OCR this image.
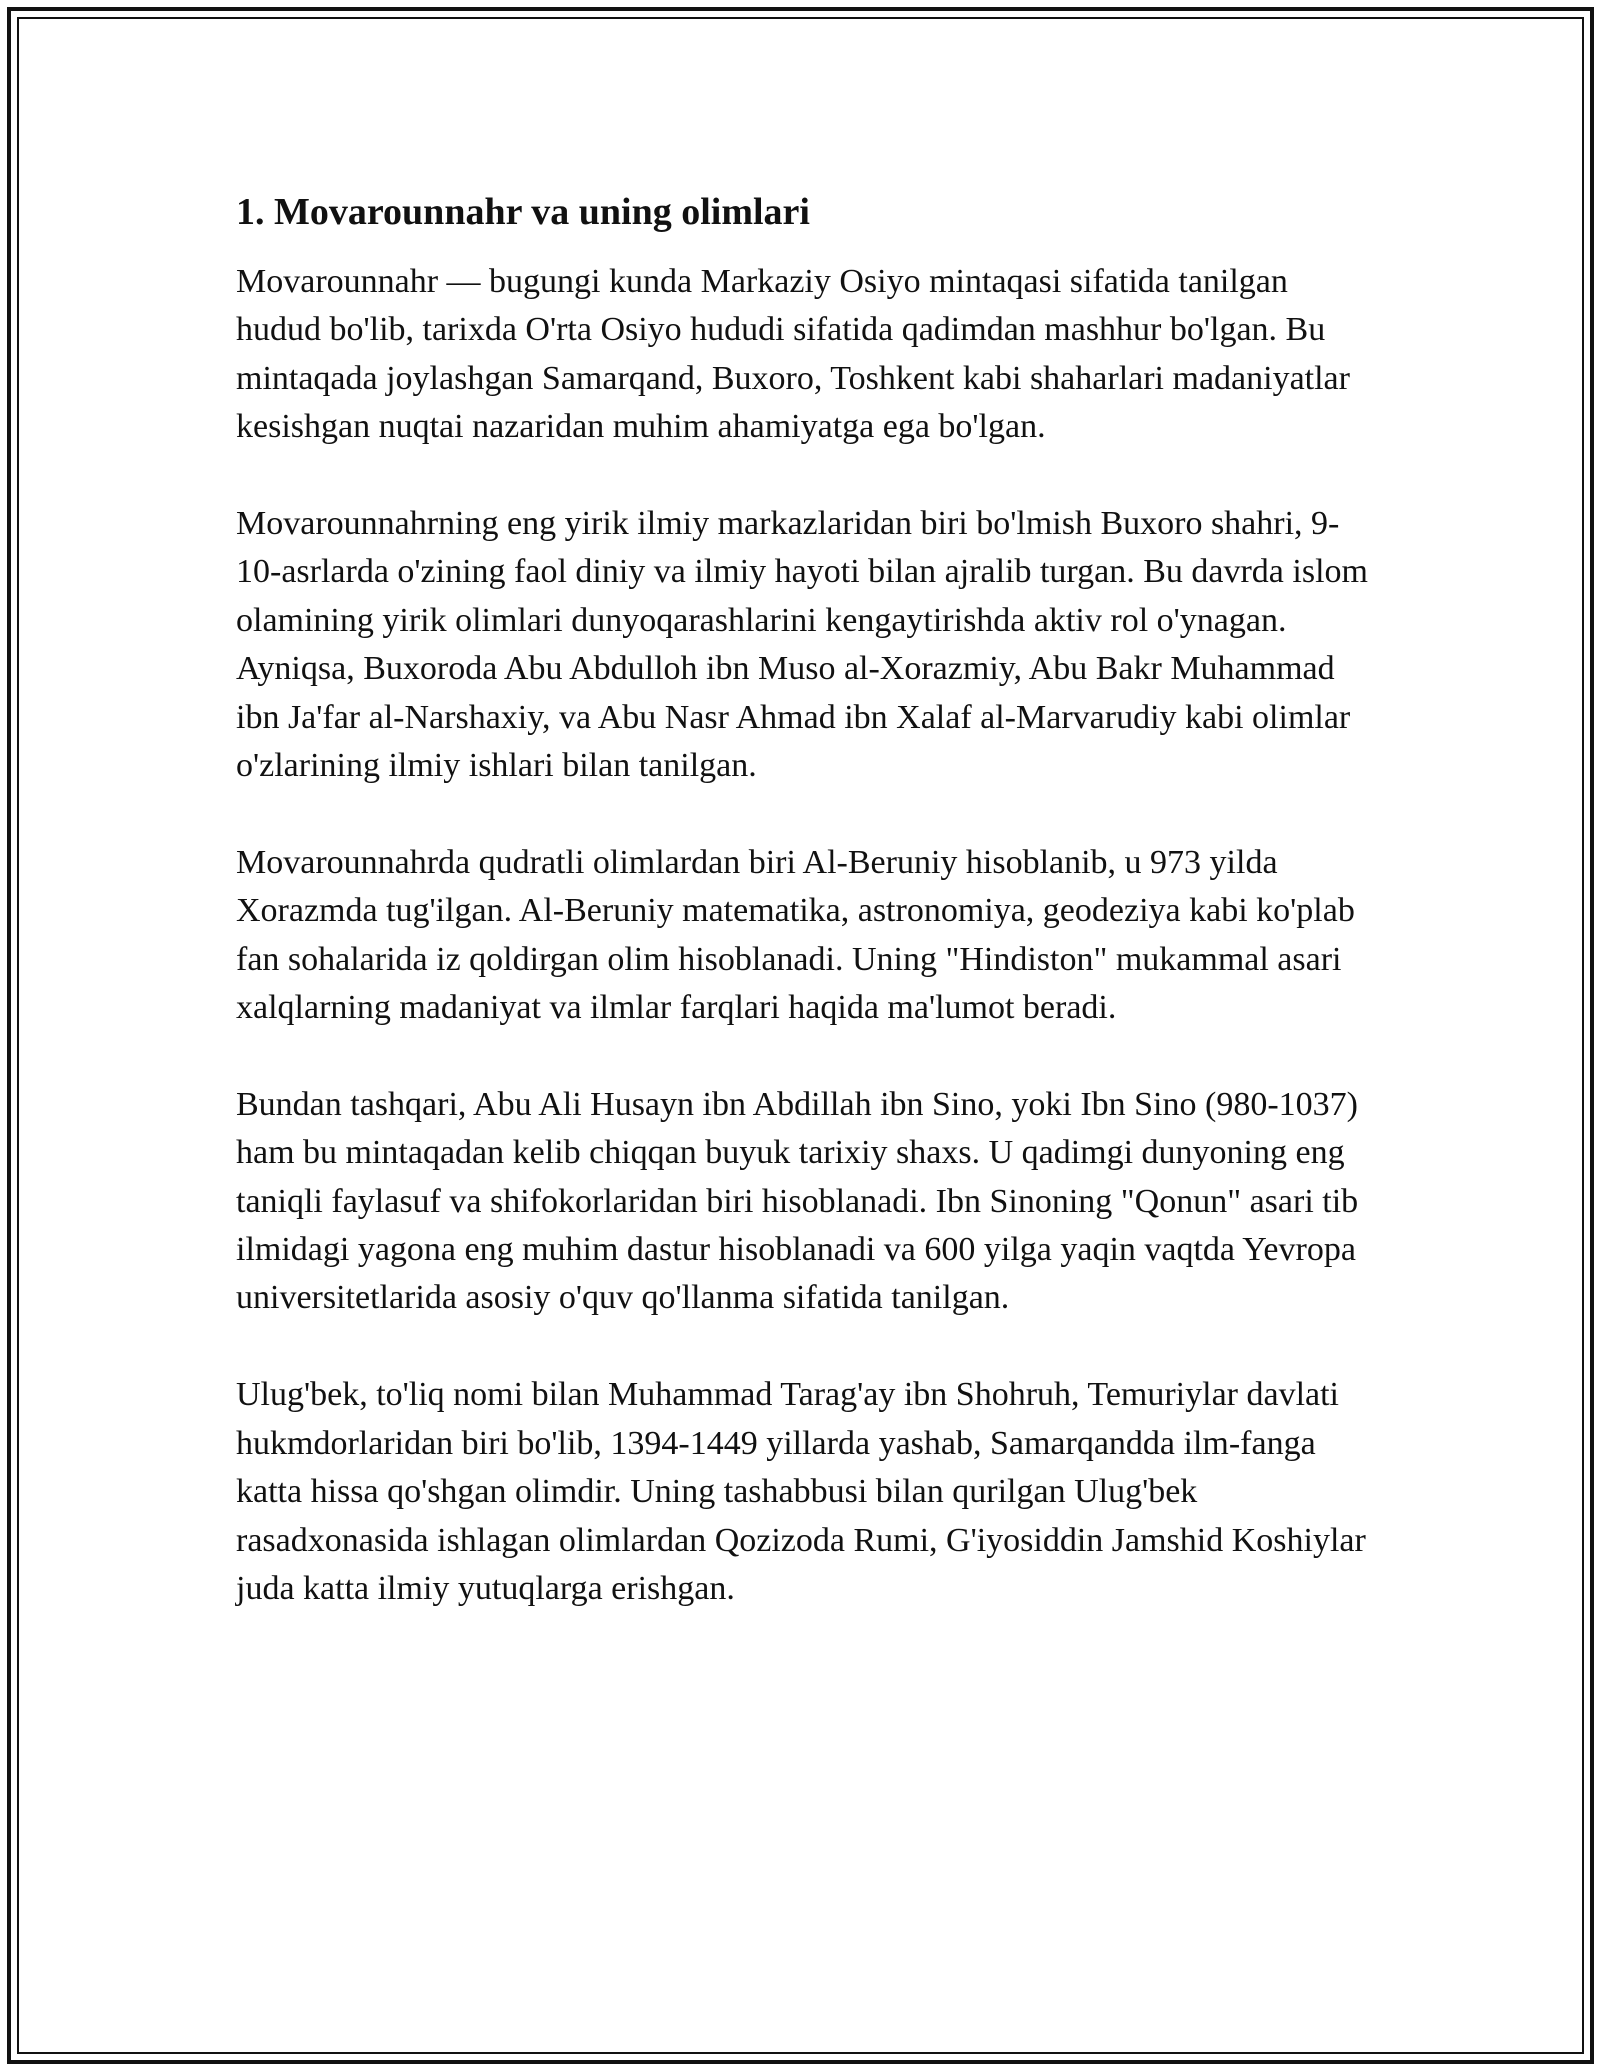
1. Movarounnahr va uning olimlari

Movarounnahr — bugungi kunda Markaziy Osiyo mintaqasi sifatida tanilgan hudud bo'lib, tarixda O'rta Osiyo hududi sifatida qadimdan mashhur bo'lgan. Bu mintaqada joylashgan Samarqand, Buxoro, Toshkent kabi shaharlari madaniyatlar kesishgan nuqtai nazaridan muhim ahamiyatga ega bo'lgan.

Movarounnahrning eng yirik ilmiy markazlaridan biri bo'lmish Buxoro shahri, 9-10-asrlarda o'zining faol diniy va ilmiy hayoti bilan ajralib turgan. Bu davrda islom olamining yirik olimlari dunyoqarashlarini kengaytirishda aktiv rol o'ynagan. Ayniqsa, Buxoroda Abu Abdulloh ibn Muso al-Xorazmiy, Abu Bakr Muhammad ibn Ja'far al-Narshaxiy, va Abu Nasr Ahmad ibn Xalaf al-Marvarudiy kabi olimlar o'zlarining ilmiy ishlari bilan tanilgan.

Movarounnahrda qudratli olimlardan biri Al-Beruniy hisoblanib, u 973 yilda Xorazmda tug'ilgan. Al-Beruniy matematika, astronomiya, geodeziya kabi ko'plab fan sohalarida iz qoldirgan olim hisoblanadi. Uning "Hindiston" mukammal asari xalqlarning madaniyat va ilmlar farqlari haqida ma'lumot beradi.

Bundan tashqari, Abu Ali Husayn ibn Abdillah ibn Sino, yoki Ibn Sino (980-1037) ham bu mintaqadan kelib chiqqan buyuk tarixiy shaxs. U qadimgi dunyoning eng taniqli faylasuf va shifokorlaridan biri hisoblanadi. Ibn Sinoning "Qonun" asari tib ilmidagi yagona eng muhim dastur hisoblanadi va 600 yilga yaqin vaqtda Yevropa universitetlarida asosiy o'quv qo'llanma sifatida tanilgan.

Ulug'bek, to'liq nomi bilan Muhammad Tarag'ay ibn Shohruh, Temuriylar davlati hukmdorlaridan biri bo'lib, 1394-1449 yillarda yashab, Samarqandda ilm-fanga katta hissa qo'shgan olimdir. Uning tashabbusi bilan qurilgan Ulug'bek rasadxonasida ishlagan olimlardan Qozizoda Rumi, G'iyosiddin Jamshid Koshiylar juda katta ilmiy yutuqlarga erishgan.
